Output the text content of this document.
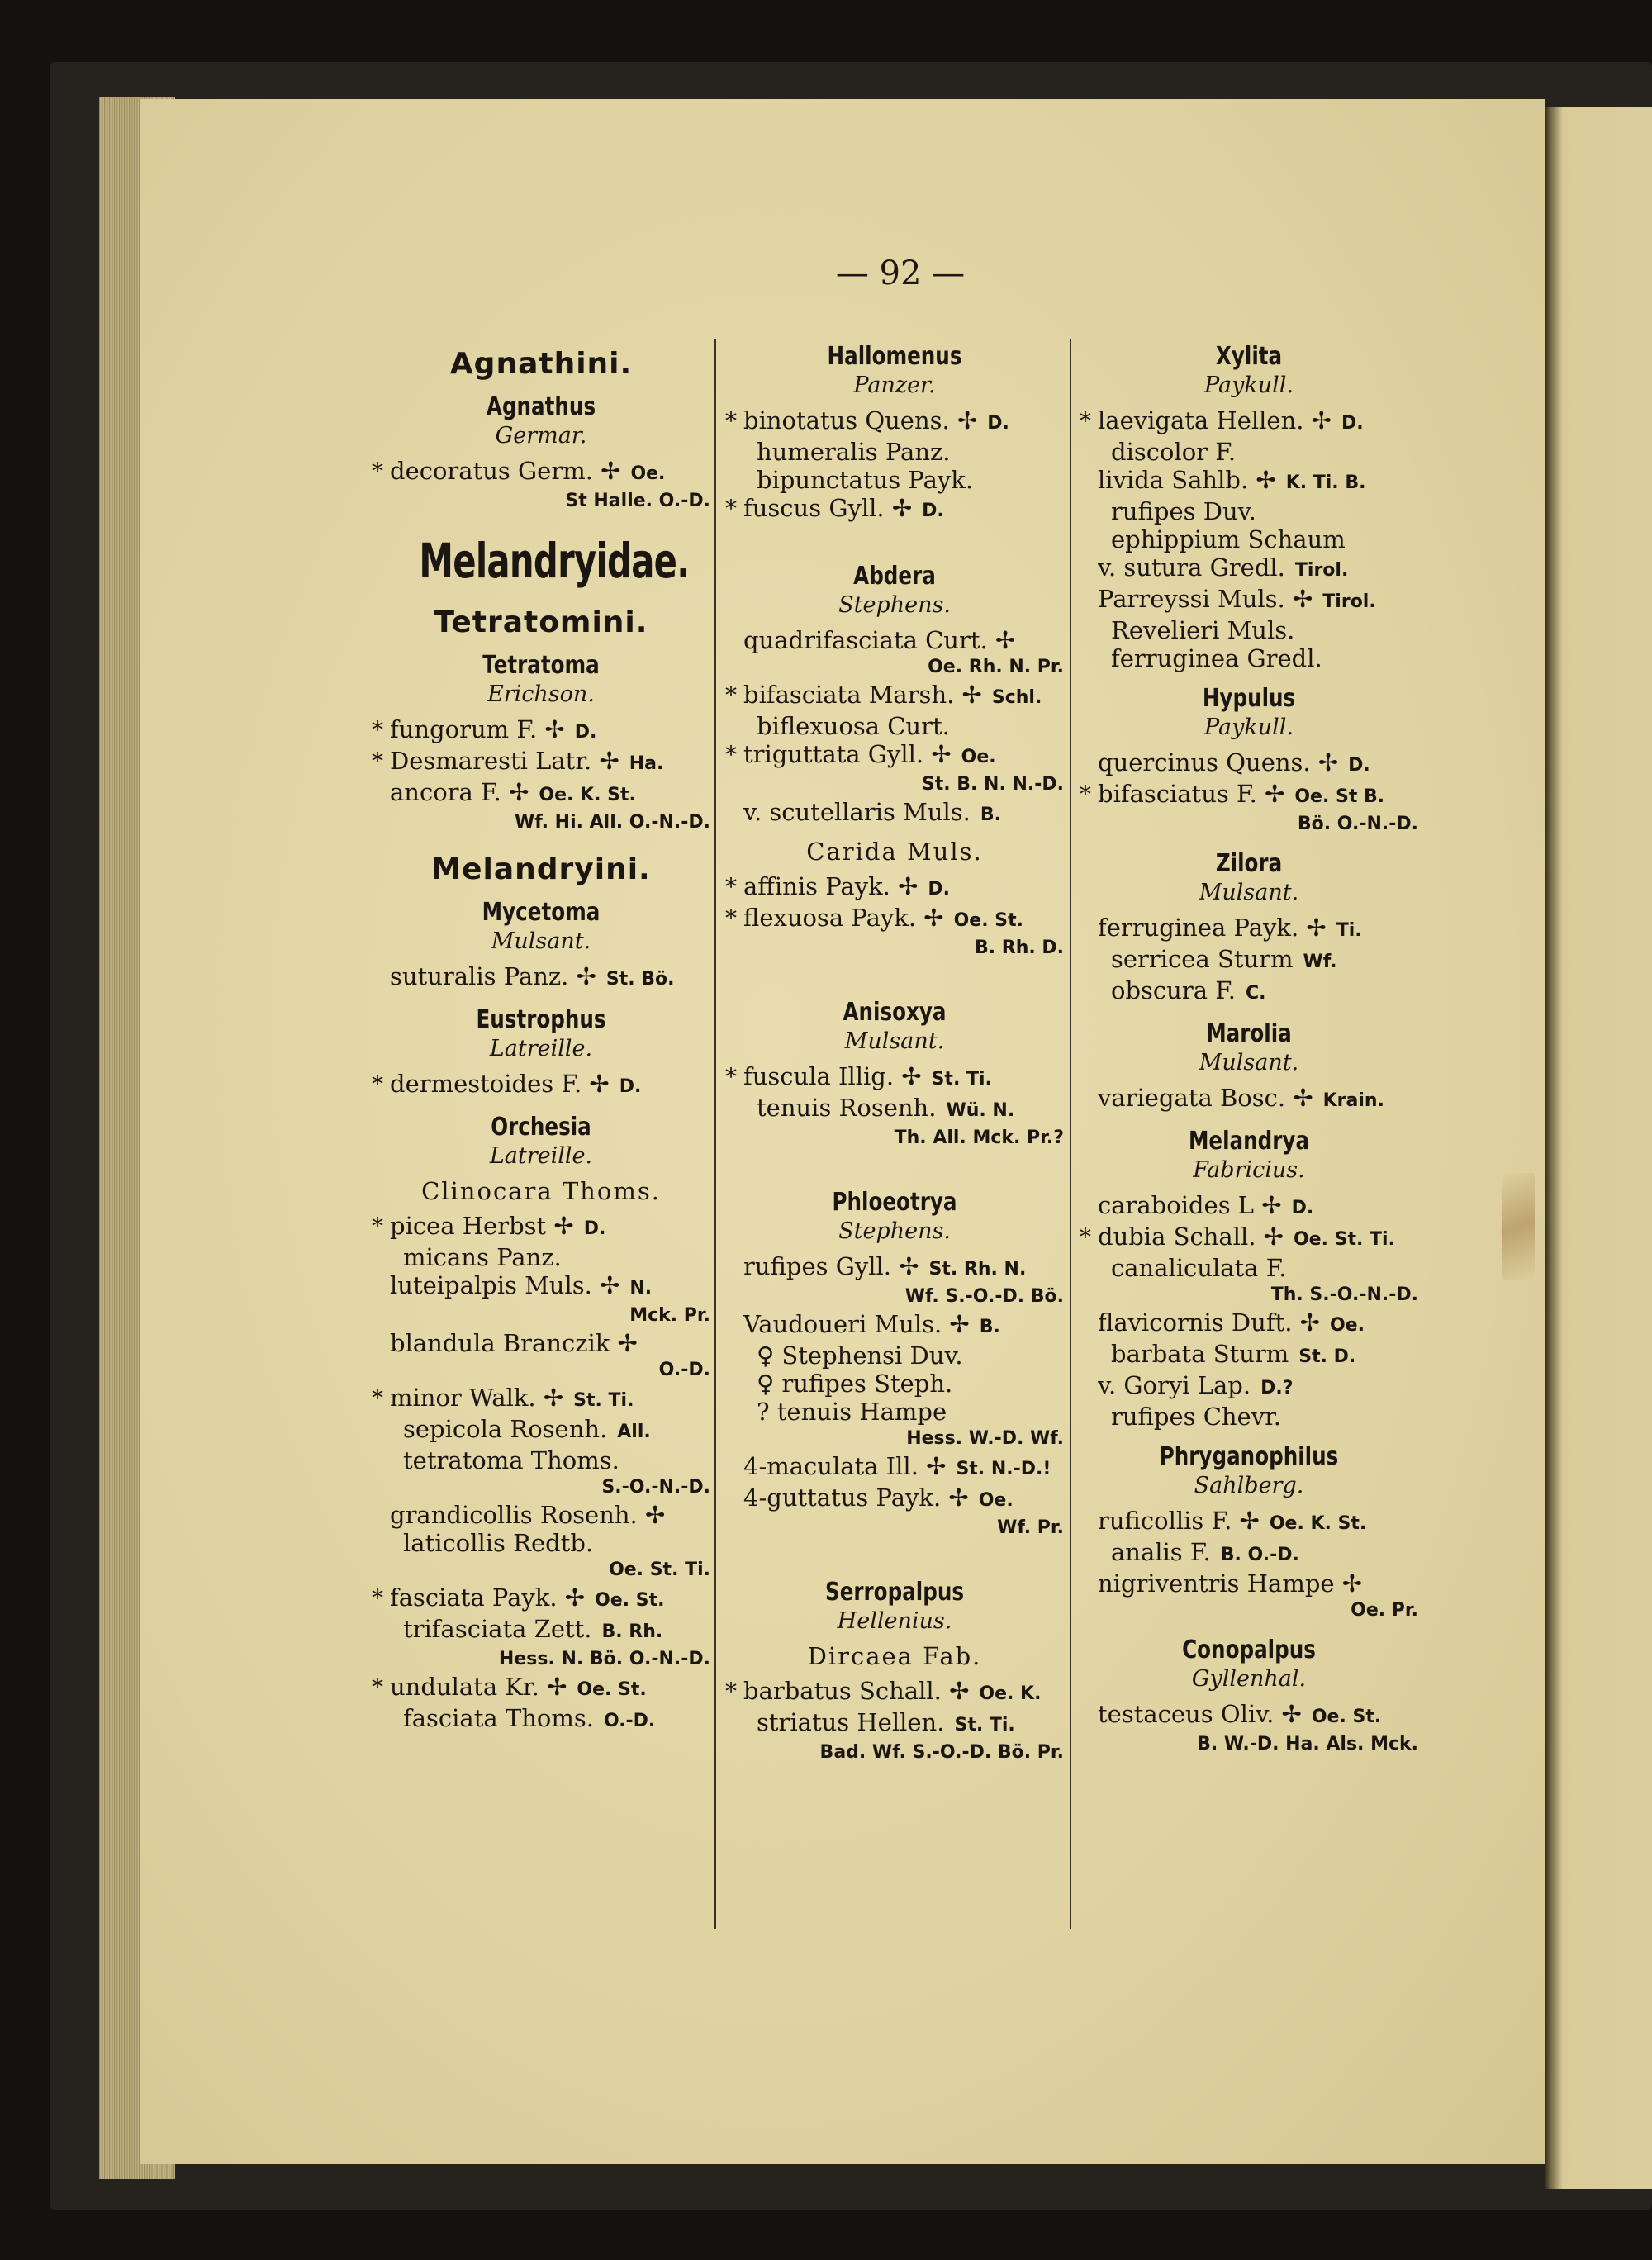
— 92 —
Agnathini.
Agnathus
Germar.
* decoratus Germ. ✢ Oe.
St Halle. O.-D.
Melandryidae.
Tetratomini.
Tetratoma
Erichson.
* fungorum F. ✢ D.
* Desmaresti Latr. ✢ Ha.
ancora F. ✢ Oe. K. St.
Wf. Hi. All. O.-N.-D.
Melandryini.
Mycetoma
Mulsant.
suturalis Panz. ✢ St. Bö.
Eustrophus
Latreille.
* dermestoides F. ✢ D.
Orchesia
Latreille.
Clinocara Thoms.
* picea Herbst ✢ D.
micans Panz.
luteipalpis Muls. ✢ N.
Mck. Pr.
blandula Branczik ✢
O.-D.
* minor Walk. ✢ St. Ti.
sepicola Rosenh. All.
tetratoma Thoms.
S.-O.-N.-D.
grandicollis Rosenh. ✢
laticollis Redtb.
Oe. St. Ti.
* fasciata Payk. ✢ Oe. St.
trifasciata Zett. B. Rh.
Hess. N. Bö. O.-N.-D.
* undulata Kr. ✢ Oe. St.
fasciata Thoms. O.-D.
Hallomenus
Panzer.
* binotatus Quens. ✢ D.
humeralis Panz.
bipunctatus Payk.
* fuscus Gyll. ✢ D.
Abdera
Stephens.
quadrifasciata Curt. ✢
Oe. Rh. N. Pr.
* bifasciata Marsh. ✢ Schl.
biflexuosa Curt.
* triguttata Gyll. ✢ Oe.
St. B. N. N.-D.
v. scutellaris Muls. B.
Carida Muls.
* affinis Payk. ✢ D.
* flexuosa Payk. ✢ Oe. St.
B. Rh. D.
Anisoxya
Mulsant.
* fuscula Illig. ✢ St. Ti.
tenuis Rosenh. Wü. N.
Th. All. Mck. Pr.?
Phloeotrya
Stephens.
rufipes Gyll. ✢ St. Rh. N.
Wf. S.-O.-D. Bö.
Vaudoueri Muls. ✢ B.
♀ Stephensi Duv.
♀ rufipes Steph.
? tenuis Hampe
Hess. W.-D. Wf.
4-maculata Ill. ✢ St. N.-D.!
4-guttatus Payk. ✢ Oe.
Wf. Pr.
Serropalpus
Hellenius.
Dircaea Fab.
* barbatus Schall. ✢ Oe. K.
striatus Hellen. St. Ti.
Bad. Wf. S.-O.-D. Bö. Pr.
Xylita
Paykull.
* laevigata Hellen. ✢ D.
discolor F.
livida Sahlb. ✢ K. Ti. B.
rufipes Duv.
ephippium Schaum
v. sutura Gredl. Tirol.
Parreyssi Muls. ✢ Tirol.
Revelieri Muls.
ferruginea Gredl.
Hypulus
Paykull.
quercinus Quens. ✢ D.
* bifasciatus F. ✢ Oe. St B.
Bö. O.-N.-D.
Zilora
Mulsant.
ferruginea Payk. ✢ Ti.
serricea Sturm Wf.
obscura F. C.
Marolia
Mulsant.
variegata Bosc. ✢ Krain.
Melandrya
Fabricius.
caraboides L ✢ D.
* dubia Schall. ✢ Oe. St. Ti.
canaliculata F.
Th. S.-O.-N.-D.
flavicornis Duft. ✢ Oe.
barbata Sturm St. D.
v. Goryi Lap. D.?
rufipes Chevr.
Phryganophilus
Sahlberg.
ruficollis F. ✢ Oe. K. St.
analis F. B. O.-D.
nigriventris Hampe ✢
Oe. Pr.
Conopalpus
Gyllenhal.
testaceus Oliv. ✢ Oe. St.
B. W.-D. Ha. Als. Mck.
